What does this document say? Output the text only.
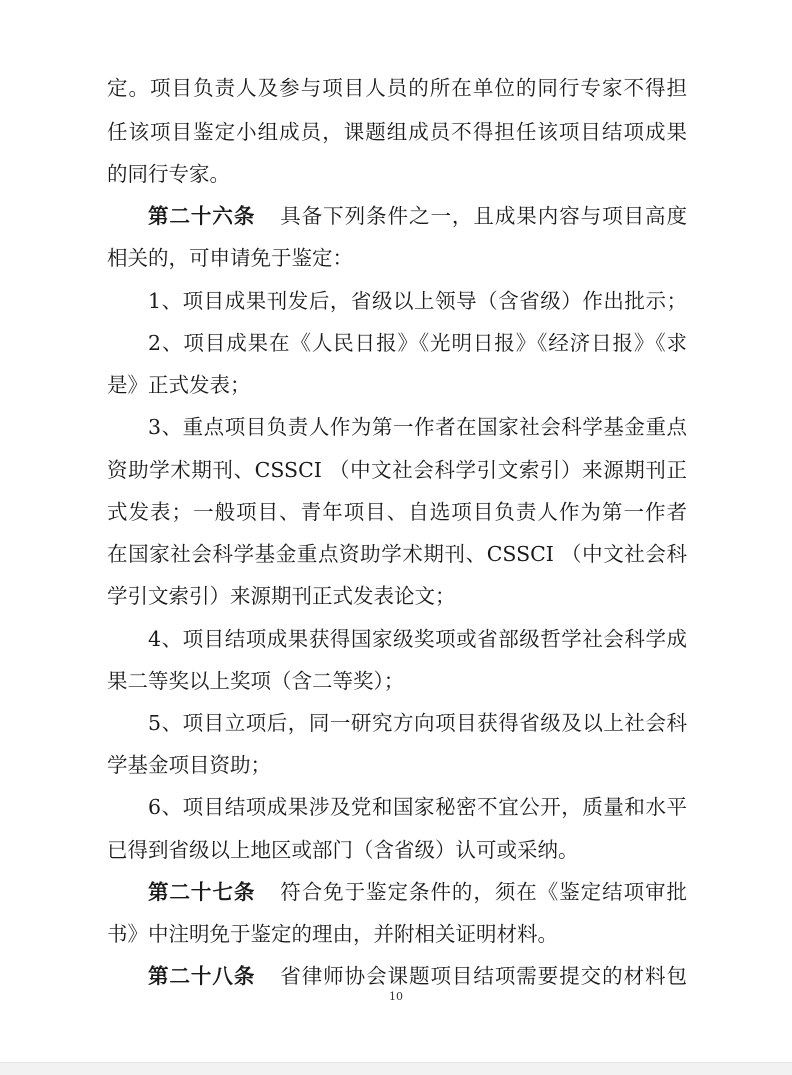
定。项目负责人及参与项目人员的所在单位的同行专家不得担
任该项目鉴定小组成员，课题组成员不得担任该项目结项成果
的同行专家。
第二十六条 具备下列条件之一，且成果内容与项目高度
相关的，可申请免于鉴定：
1、项目成果刊发后，省级以上领导（含省级）作出批示；
2、项目成果在《人民日报》《光明日报》《经济日报》《求
是》正式发表；
3、重点项目负责人作为第一作者在国家社会科学基金重点
资助学术期刊、CSSCI （中文社会科学引文索引）来源期刊正
式发表；一般项目、青年项目、自选项目负责人作为第一作者
在国家社会科学基金重点资助学术期刊、CSSCI （中文社会科
学引文索引）来源期刊正式发表论文；
4、项目结项成果获得国家级奖项或省部级哲学社会科学成
果二等奖以上奖项（含二等奖）；
5、项目立项后，同一研究方向项目获得省级及以上社会科
学基金项目资助；
6、项目结项成果涉及党和国家秘密不宜公开，质量和水平
已得到省级以上地区或部门（含省级）认可或采纳。
第二十七条 符合免于鉴定条件的，须在《鉴定结项审批
书》中注明免于鉴定的理由，并附相关证明材料。
第二十八条 省律师协会课题项目结项需要提交的材料包
10
